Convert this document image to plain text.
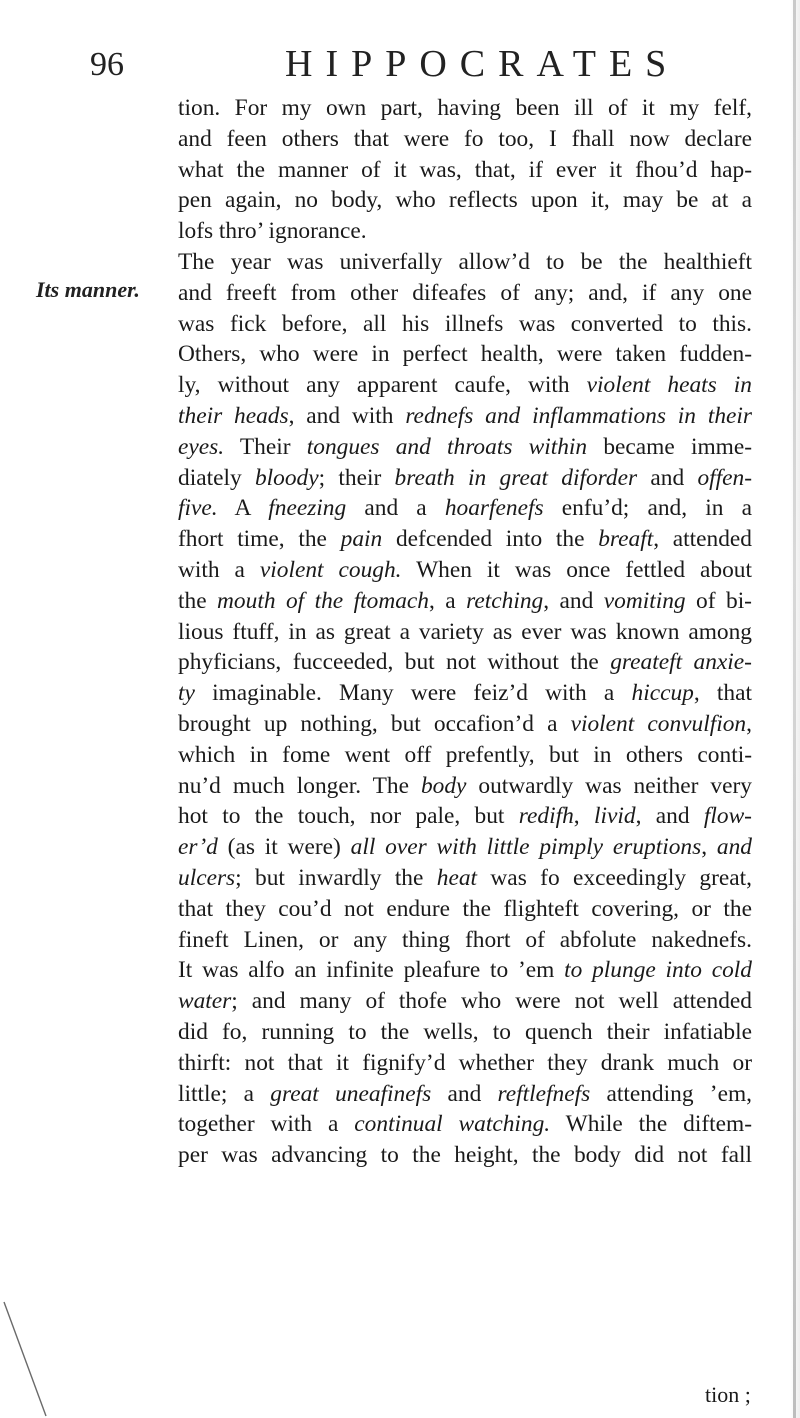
96	HIPPOCRATES
Its manner.
tion. For my own part, having been ill of it my felf,
and feen others that were fo too, I fhall now declare
what the manner of it was, that, if ever it fhou’d hap-
pen again, no body, who reflects upon it, may be at a
lofs thro’ ignorance.
The year was univerfally allow’d to be the healthieft
and freeft from other difeafes of any; and, if any one
was fick before, all his illnefs was converted to this.
Others, who were in perfect health, were taken fudden-
ly, without any apparent caufe, with violent heats in
their heads, and with rednefs and inflammations in their
eyes. Their tongues and throats within became imme-
diately bloody; their breath in great diforder and offen-
five. A fneezing and a hoarfenefs enfu’d; and, in a
fhort time, the pain defcended into the breaft, attended
with a violent cough. When it was once fettled about
the mouth of the ftomach, a retching, and vomiting of bi-
lious ftuff, in as great a variety as ever was known among
phyficians, fucceeded, but not without the greateft anxie-
ty imaginable. Many were feiz’d with a hiccup, that
brought up nothing, but occafion’d a violent convulfion,
which in fome went off prefently, but in others conti-
nu’d much longer. The body outwardly was neither very
hot to the touch, nor pale, but redifh, livid, and flow-
er’d (as it were) all over with little pimply eruptions, and
ulcers; but inwardly the heat was fo exceedingly great,
that they cou’d not endure the flighteft covering, or the
fineft Linen, or any thing fhort of abfolute nakednefs.
It was alfo an infinite pleafure to ’em to plunge into cold
water; and many of thofe who were not well attended
did fo, running to the wells, to quench their infatiable
thirft: not that it fignify’d whether they drank much or
little; a great uneafinefs and reftlefnefs attending ’em,
together with a continual watching. While the diftem-
per was advancing to the height, the body did not fall
tion ;
